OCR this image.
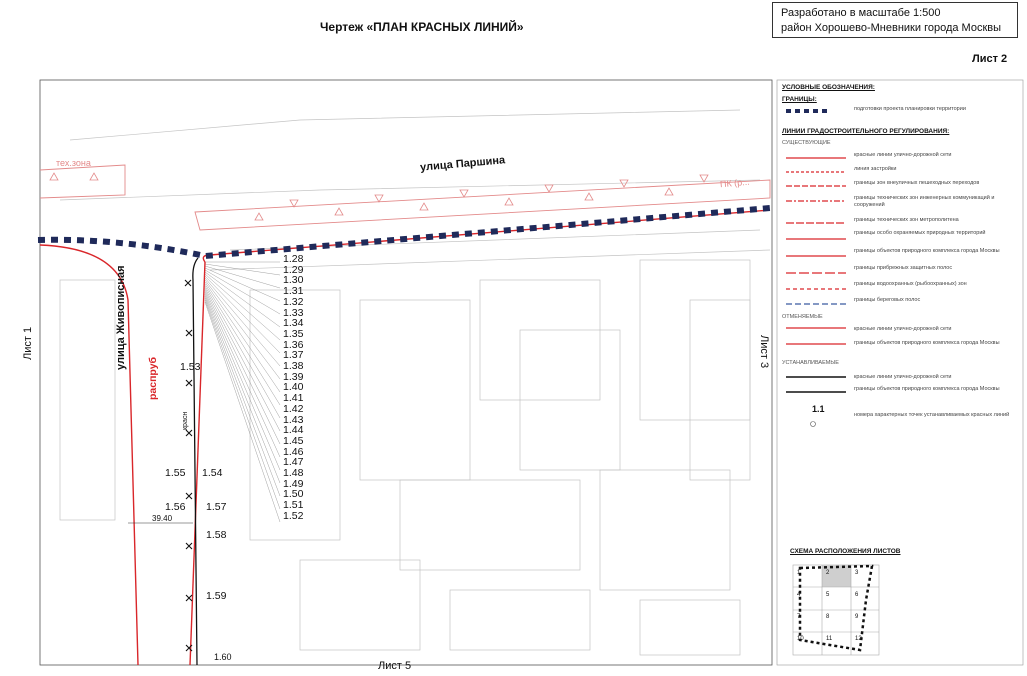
Чертеж «ПЛАН КРАСНЫХ ЛИНИЙ»
Разработано в масштабе 1:500
район Хорошево-Мневники города Москвы
Лист 2
улица Паршина
улица Живописная
распруб
тех.зона
ПК (р...
красн
39.40
Лист 1	Лист 3
Лист 5
1.28
1.29
1.30
1.31
1.32
1.33
1.34
1.35
1.36
1.37
1.38
1.39
1.40
1.41
1.42
1.43
1.44
1.45
1.46
1.47
1.48
1.49
1.50
1.51
1.52
1.53
1.54
1.55
1.56 1.57
1.58
1.59
1.60
УСЛОВНЫЕ ОБОЗНАЧЕНИЯ:
ГРАНИЦЫ:
подготовки проекта планировки территории
ЛИНИИ ГРАДОСТРОИТЕЛЬНОГО РЕГУЛИРОВАНИЯ:
СУЩЕСТВУЮЩИЕ
красные линии улично-дорожной сети
линия застройки
границы зон внеуличных пешеходных переходов
границы технических зон инженерных коммуникаций и сооружений
границы технических зон метрополитена
границы особо охраняемых природных территорий
границы объектов природного комплекса города Москвы
границы прибрежных защитных полос
границы водоохранных (рыбоохранных) зон
границы береговых полос
ОТМЕНЯЕМЫЕ
красные линии улично-дорожной сети
границы объектов природного комплекса города Москвы
УСТАНАВЛИВАЕМЫЕ
красные линии улично-дорожной сети
границы объектов природного комплекса города Москвы
1.1
номера характерных точек устанавливаемых красных линий
СХЕМА РАСПОЛОЖЕНИЯ ЛИСТОВ
1	2	3
4	5	6
7	8	9
10	11	12
